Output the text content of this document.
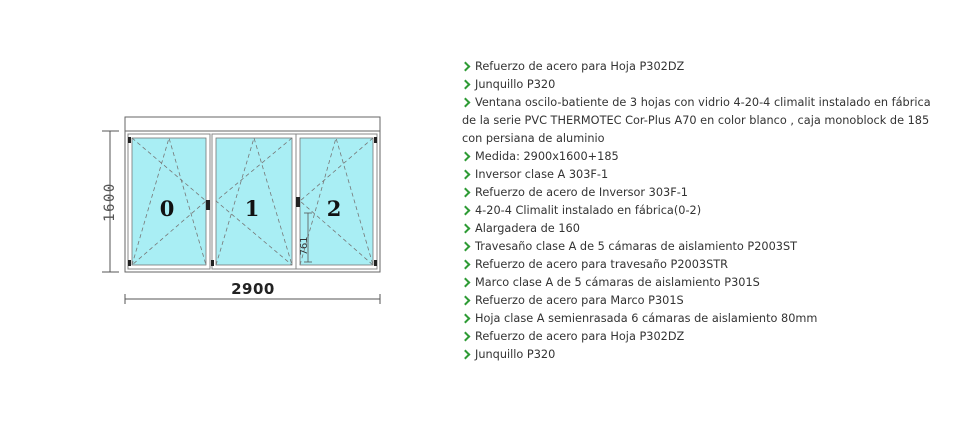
1600
761
0	1	2
2900
Refuerzo de acero para Hoja P302DZ
Junquillo P320
Ventana oscilo-batiente de 3 hojas con vidrio 4-20-4 climalit instalado en fábrica de la serie PVC THERMOTEC Cor-Plus A70 en color blanco , caja monoblock de 185 con persiana de aluminio
Medida: 2900x1600+185
Inversor clase A 303F-1
Refuerzo de acero de Inversor 303F-1
4-20-4 Climalit instalado en fábrica(0-2)
Alargadera de 160
Travesaño clase A de 5 cámaras de aislamiento P2003ST
Refuerzo de acero para travesaño P2003STR
Marco clase A de 5 cámaras de aislamiento P301S
Refuerzo de acero para Marco P301S
Hoja clase A semienrasada 6 cámaras de aislamiento 80mm
Refuerzo de acero para Hoja P302DZ
Junquillo P320
